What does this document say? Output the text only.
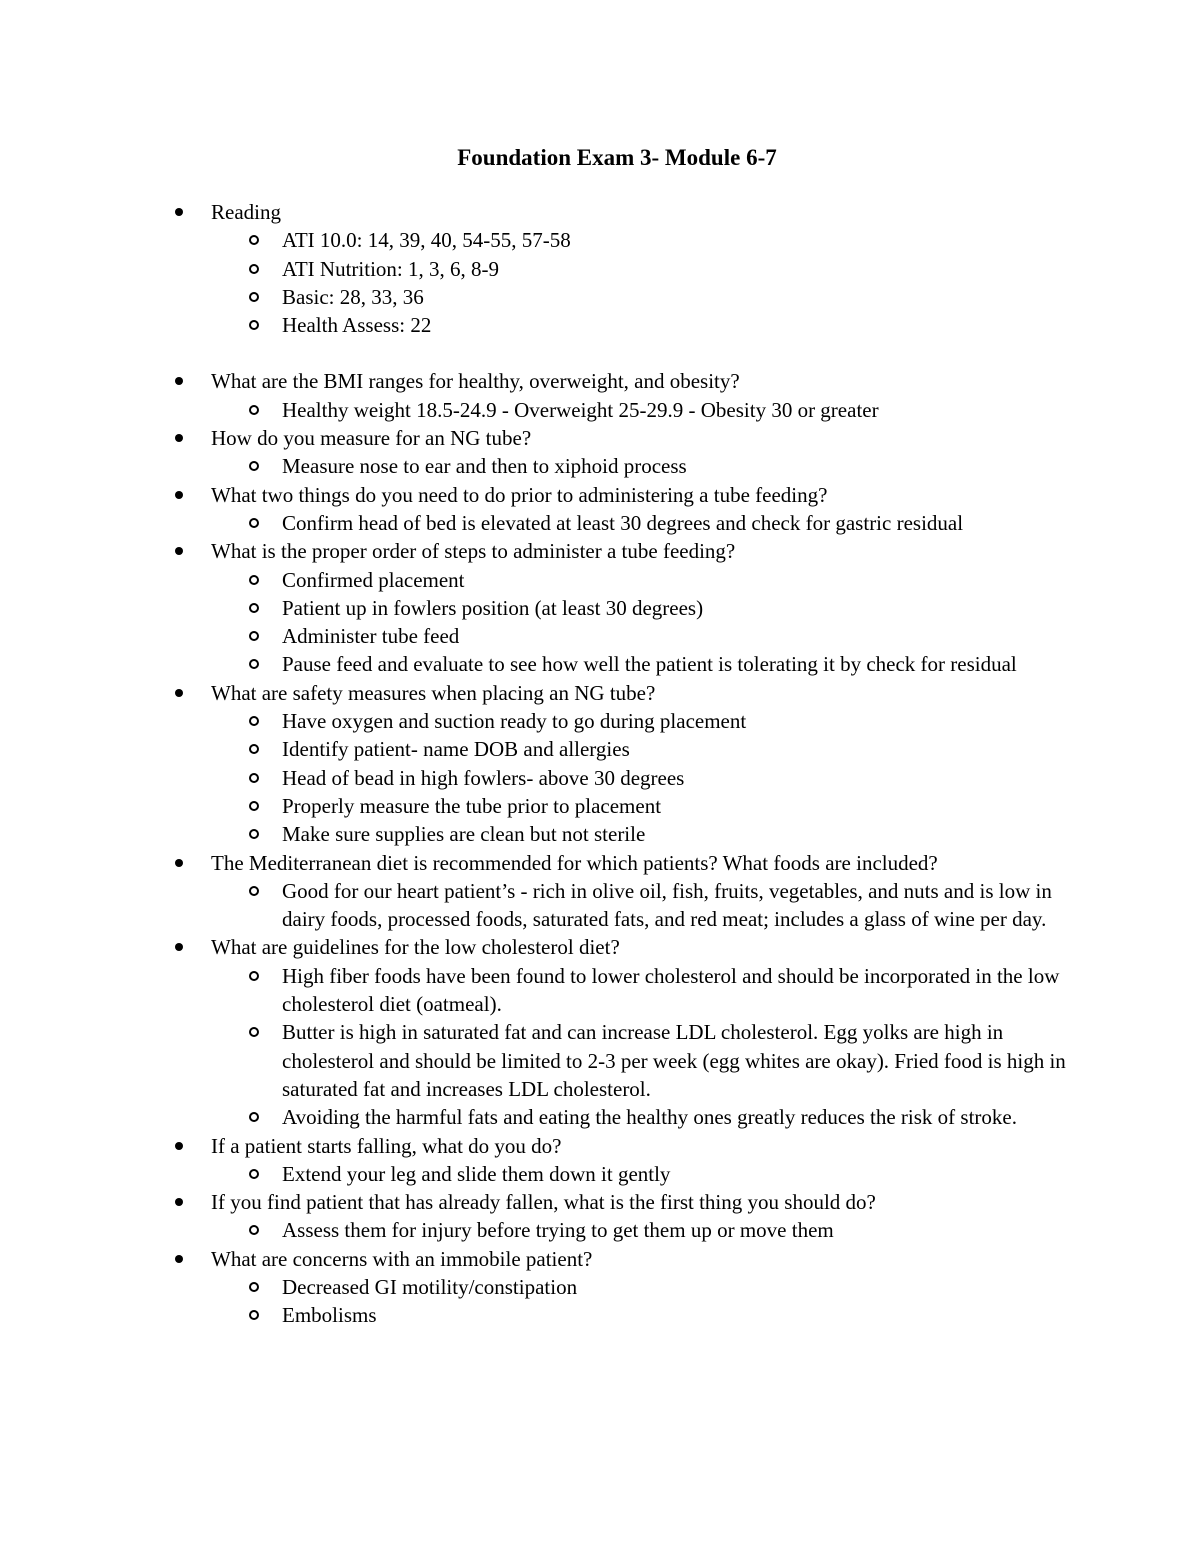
Foundation Exam 3- Module 6-7
Reading
ATI 10.0: 14, 39, 40, 54-55, 57-58
ATI Nutrition: 1, 3, 6, 8-9
Basic: 28, 33, 36
Health Assess: 22
What are the BMI ranges for healthy, overweight, and obesity?
Healthy weight 18.5-24.9 - Overweight 25-29.9 - Obesity 30 or greater
How do you measure for an NG tube?
Measure nose to ear and then to xiphoid process
What two things do you need to do prior to administering a tube feeding?
Confirm head of bed is elevated at least 30 degrees and check for gastric residual
What is the proper order of steps to administer a tube feeding?
Confirmed placement
Patient up in fowlers position (at least 30 degrees)
Administer tube feed
Pause feed and evaluate to see how well the patient is tolerating it by check for residual
What are safety measures when placing an NG tube?
Have oxygen and suction ready to go during placement
Identify patient- name DOB and allergies
Head of bead in high fowlers- above 30 degrees
Properly measure the tube prior to placement
Make sure supplies are clean but not sterile
The Mediterranean diet is recommended for which patients? What foods are included?
Good for our heart patient’s - rich in olive oil, fish, fruits, vegetables, and nuts and is low in dairy foods, processed foods, saturated fats, and red meat; includes a glass of wine per day.
What are guidelines for the low cholesterol diet?
High fiber foods have been found to lower cholesterol and should be incorporated in the low cholesterol diet (oatmeal).
Butter is high in saturated fat and can increase LDL cholesterol. Egg yolks are high in cholesterol and should be limited to 2-3 per week (egg whites are okay). Fried food is high in saturated fat and increases LDL cholesterol.
Avoiding the harmful fats and eating the healthy ones greatly reduces the risk of stroke.
If a patient starts falling, what do you do?
Extend your leg and slide them down it gently
If you find patient that has already fallen, what is the first thing you should do?
Assess them for injury before trying to get them up or move them
What are concerns with an immobile patient?
Decreased GI motility/constipation
Embolisms
